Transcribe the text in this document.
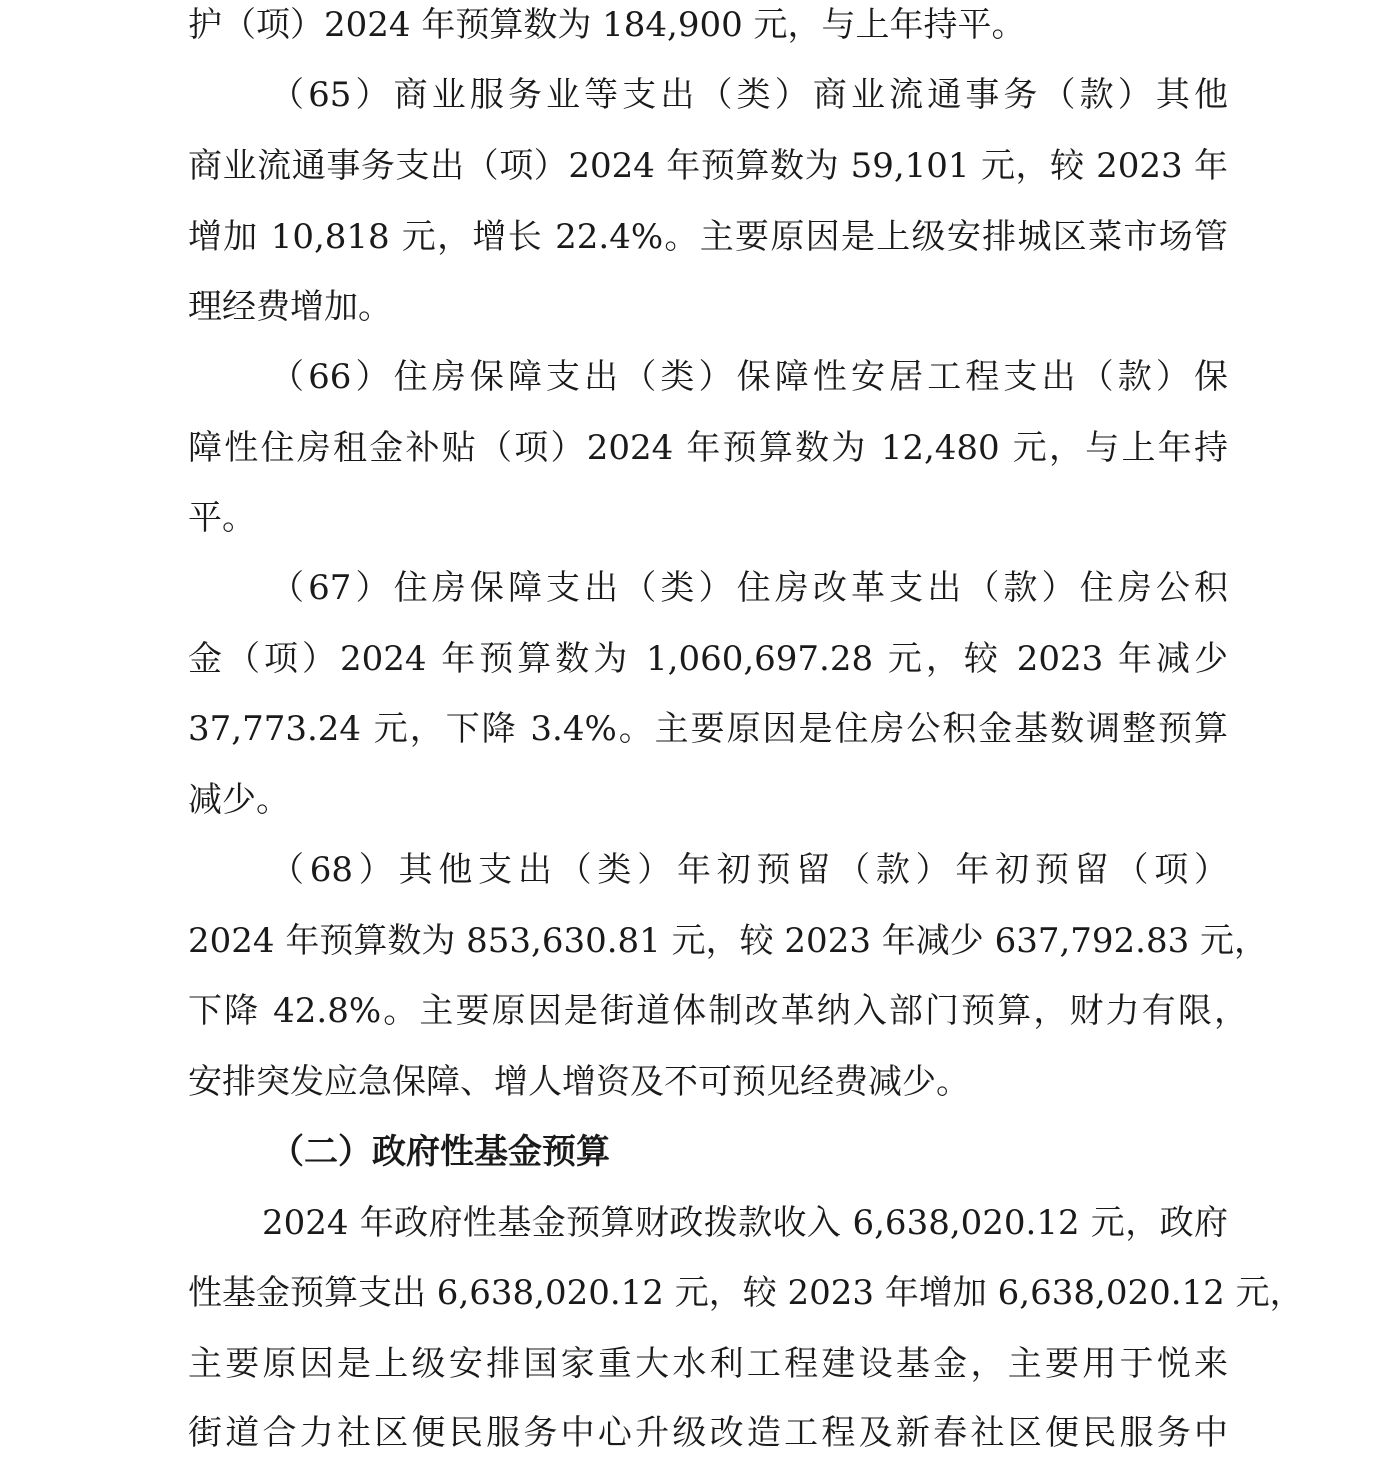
护（项）2024 年预算数为 184,900 元，与上年持平。
（65）商业服务业等支出（类）商业流通事务（款）其他
商业流通事务支出（项）2024 年预算数为 59,101 元，较 2023 年
增加 10,818 元，增长 22.4%。主要原因是上级安排城区菜市场管
理经费增加。
（66）住房保障支出（类）保障性安居工程支出（款）保
障性住房租金补贴（项）2024 年预算数为 12,480 元，与上年持
平。
（67）住房保障支出（类）住房改革支出（款）住房公积
金（项）2024 年预算数为 1,060,697.28 元，较 2023 年减少
37,773.24 元，下降 3.4%。主要原因是住房公积金基数调整预算
减少。
（68）其他支出（类）年初预留（款）年初预留（项）
2024 年预算数为 853,630.81 元，较 2023 年减少 637,792.83 元，
下降 42.8%。主要原因是街道体制改革纳入部门预算，财力有限，
安排突发应急保障、增人增资及不可预见经费减少。
（二）政府性基金预算
2024 年政府性基金预算财政拨款收入 6,638,020.12 元，政府
性基金预算支出 6,638,020.12 元，较 2023 年增加 6,638,020.12 元，
主要原因是上级安排国家重大水利工程建设基金，主要用于悦来
街道合力社区便民服务中心升级改造工程及新春社区便民服务中
